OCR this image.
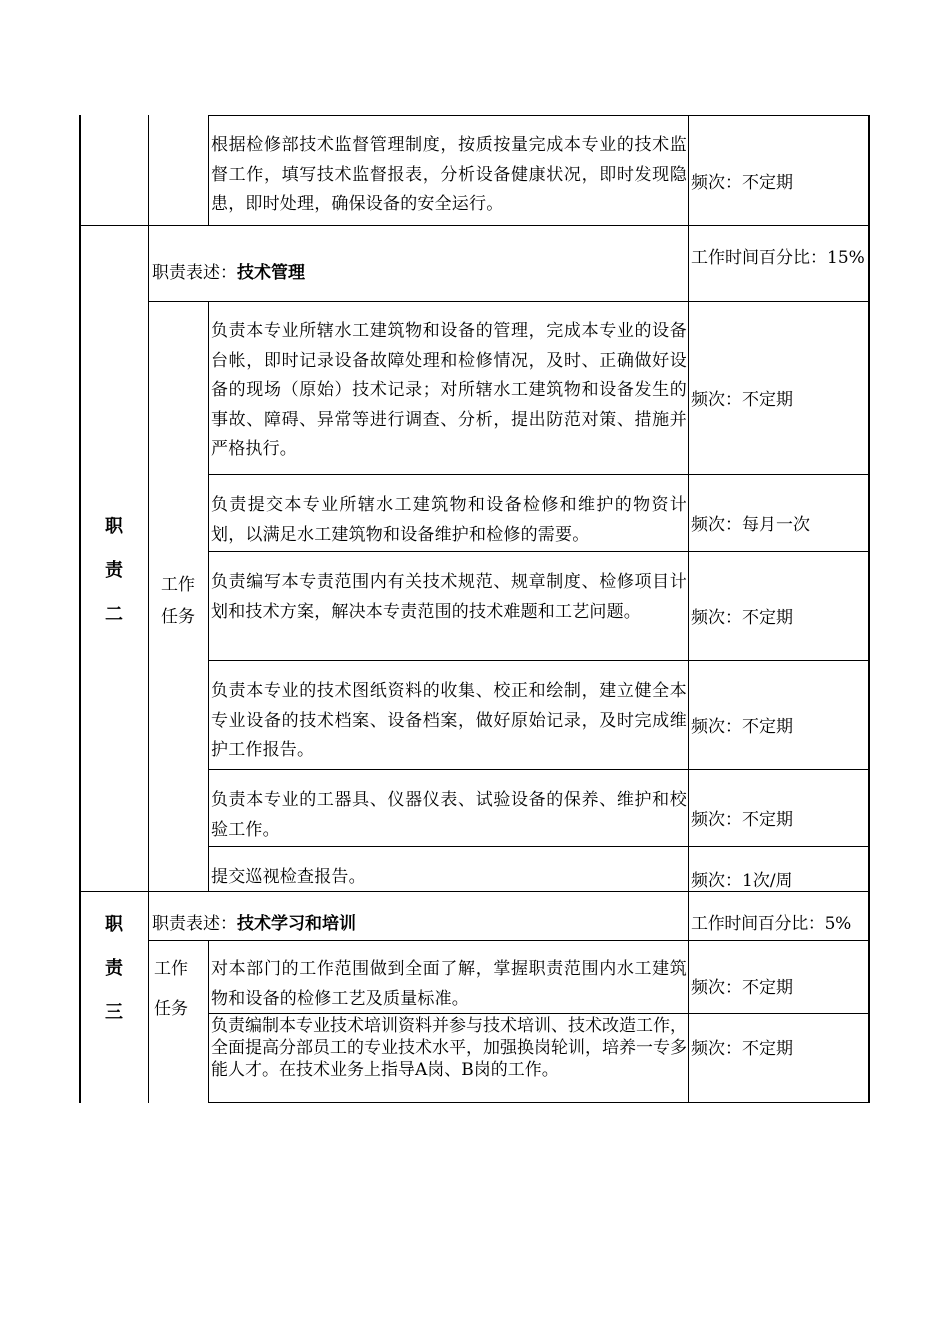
根据检修部技术监督管理制度，按质按量完成本专业的技术监督工作，填写技术监督报表，分析设备健康状况，即时发现隐患，即时处理，确保设备的安全运行。
频次：不定期
职
责
二
职责表述：技术管理
工作时间百分比：15%
工作
任务
负责本专业所辖水工建筑物和设备的管理，完成本专业的设备台帐，即时记录设备故障处理和检修情况，及时、正确做好设备的现场（原始）技术记录；对所辖水工建筑物和设备发生的事故、障碍、异常等进行调查、分析，提出防范对策、措施并严格执行。
频次：不定期
负责提交本专业所辖水工建筑物和设备检修和维护的物资计划，以满足水工建筑物和设备维护和检修的需要。	频次：每月一次
负责编写本专责范围内有关技术规范、规章制度、检修项目计划和技术方案，解决本专责范围的技术难题和工艺问题。	频次：不定期
负责本专业的技术图纸资料的收集、校正和绘制，建立健全本专业设备的技术档案、设备档案，做好原始记录，及时完成维护工作报告。
频次：不定期
负责本专业的工器具、仪器仪表、试验设备的保养、维护和校验工作。	频次：不定期
提交巡视检查报告。	频次：1次/周
职
责
三
职责表述：技术学习和培训	工作时间百分比：5%
工作
任务
对本部门的工作范围做到全面了解，掌握职责范围内水工建筑物和设备的检修工艺及质量标准。
频次：不定期
负责编制本专业技术培训资料并参与技术培训、技术改造工作，全面提高分部员工的专业技术水平，加强换岗轮训，培养一专多能人才。在技术业务上指导A岗、B岗的工作。
频次：不定期
